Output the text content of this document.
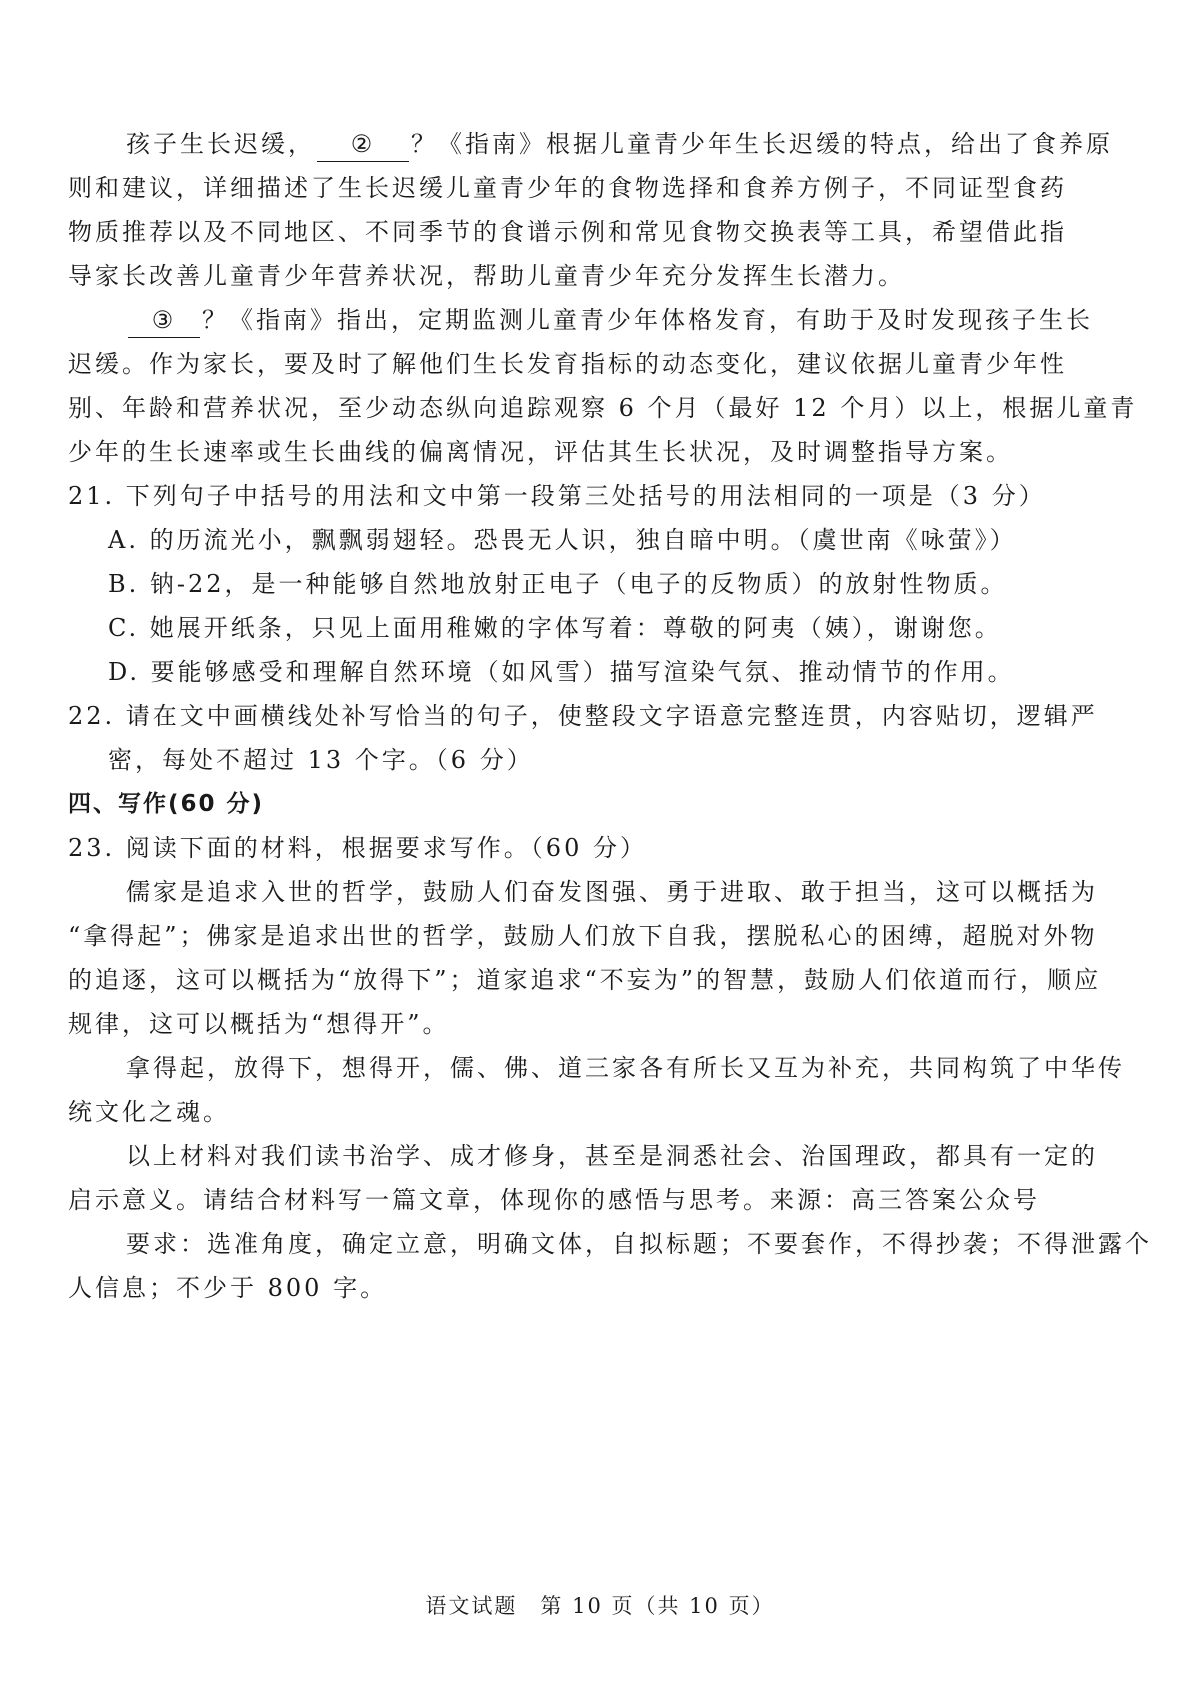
孩子生长迟缓， ② ？《指南》根据儿童青少年生长迟缓的特点，给出了食养原
则和建议，详细描述了生长迟缓儿童青少年的食物选择和食养方例子，不同证型食药
物质推荐以及不同地区、不同季节的食谱示例和常见食物交换表等工具，希望借此指
导家长改善儿童青少年营养状况，帮助儿童青少年充分发挥生长潜力。
③ ？《指南》指出，定期监测儿童青少年体格发育，有助于及时发现孩子生长
迟缓。作为家长，要及时了解他们生长发育指标的动态变化，建议依据儿童青少年性
别、年龄和营养状况，至少动态纵向追踪观察 6 个月（最好 12 个月）以上，根据儿童青
少年的生长速率或生长曲线的偏离情况，评估其生长状况，及时调整指导方案。
21. 下列句子中括号的用法和文中第一段第三处括号的用法相同的一项是（3 分）
A. 的历流光小，飘飘弱翅轻。恐畏无人识，独自暗中明。（虞世南《咏萤》）
B. 钠-22，是一种能够自然地放射正电子（电子的反物质）的放射性物质。
C. 她展开纸条，只见上面用稚嫩的字体写着：尊敬的阿夷（姨），谢谢您。
D. 要能够感受和理解自然环境（如风雪）描写渲染气氛、推动情节的作用。
22. 请在文中画横线处补写恰当的句子，使整段文字语意完整连贯，内容贴切，逻辑严
密，每处不超过 13 个字。（6 分）
四、写作(60 分)
23. 阅读下面的材料，根据要求写作。（60 分）
儒家是追求入世的哲学，鼓励人们奋发图强、勇于进取、敢于担当，这可以概括为
“拿得起”；佛家是追求出世的哲学，鼓励人们放下自我，摆脱私心的困缚，超脱对外物
的追逐，这可以概括为“放得下”；道家追求“不妄为”的智慧，鼓励人们依道而行，顺应
规律，这可以概括为“想得开”。
拿得起，放得下，想得开，儒、佛、道三家各有所长又互为补充，共同构筑了中华传
统文化之魂。
以上材料对我们读书治学、成才修身，甚至是洞悉社会、治国理政，都具有一定的
启示意义。请结合材料写一篇文章，体现你的感悟与思考。来源：高三答案公众号
要求：选准角度，确定立意，明确文体，自拟标题；不要套作，不得抄袭；不得泄露个
人信息；不少于 800 字。
语文试题　第 10 页（共 10 页）
